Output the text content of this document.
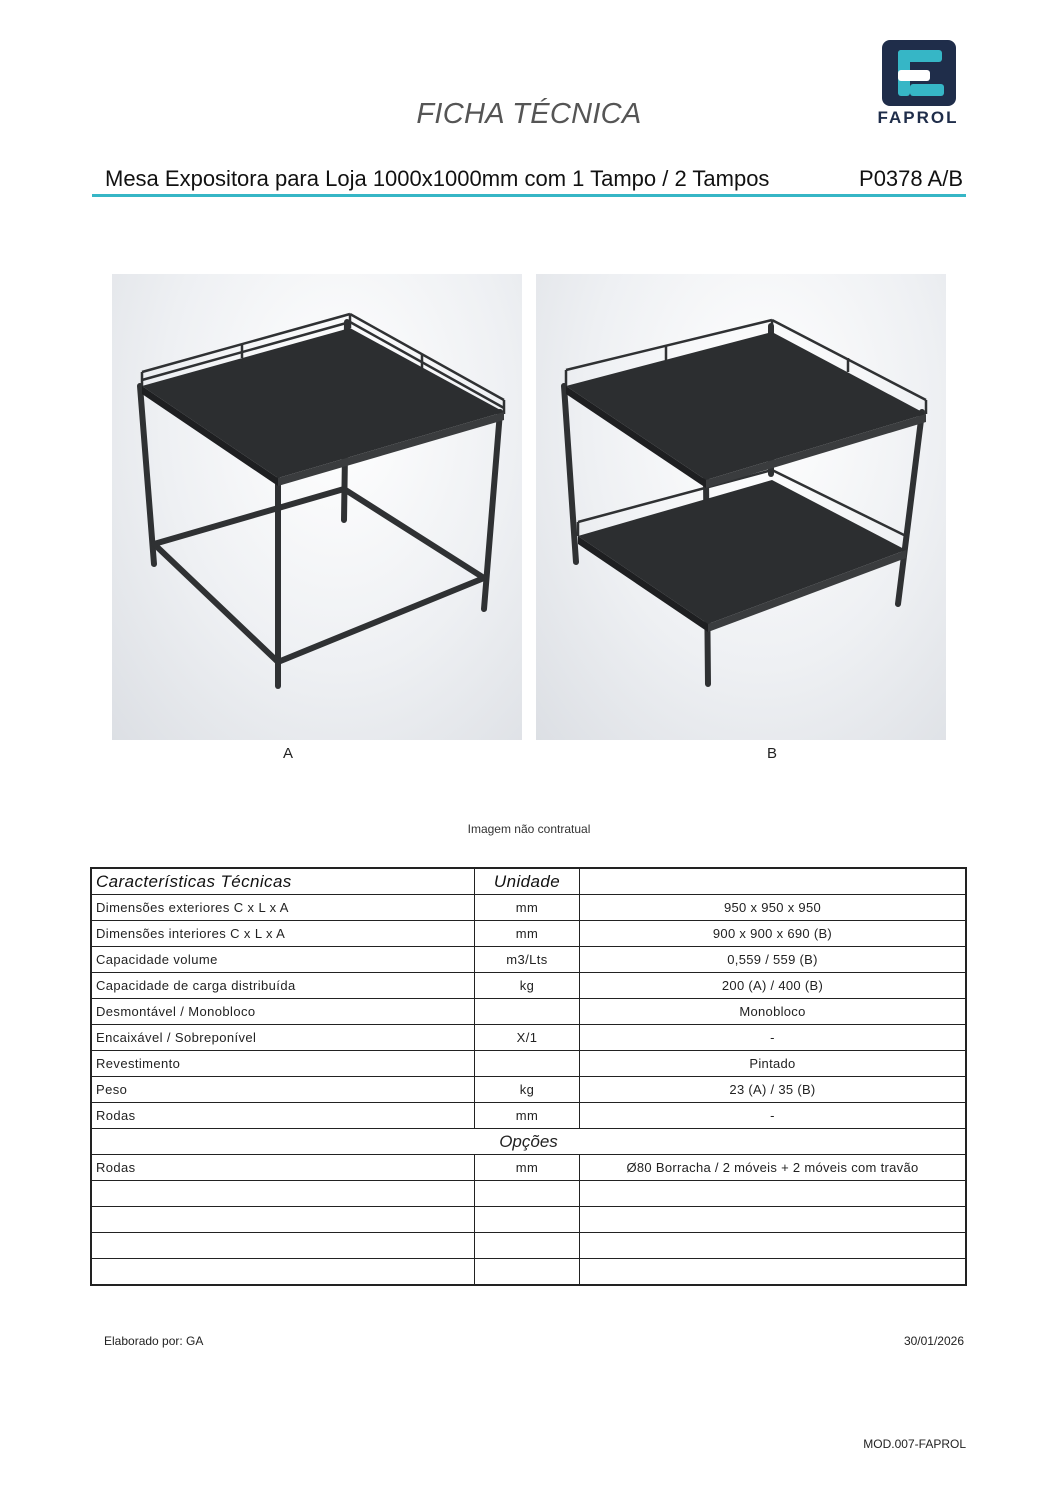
FICHA TÉCNICA	FAPROL
Mesa Expositora para Loja 1000x1000mm com 1 Tampo / 2 Tampos	P0378 A/B
A	B
Imagem não contratual
Características Técnicas	Unidade	
Dimensões exteriores C x L x A	mm	950 x 950 x 950
Dimensões interiores C x L x A	mm	900 x 900 x 690 (B)
Capacidade volume	m3/Lts	0,559 / 559 (B)
Capacidade de carga distribuída	kg	200 (A) / 400 (B)
Desmontável / Monobloco		Monobloco
Encaixável / Sobreponível	X/1	-
Revestimento		Pintado
Peso	kg	23 (A) / 35 (B)
Rodas	mm	-
Opções		
Rodas	mm	Ø80 Borracha / 2 móveis + 2 móveis com travão

Elaborado por: GA	30/01/2026
MOD.007-FAPROL
